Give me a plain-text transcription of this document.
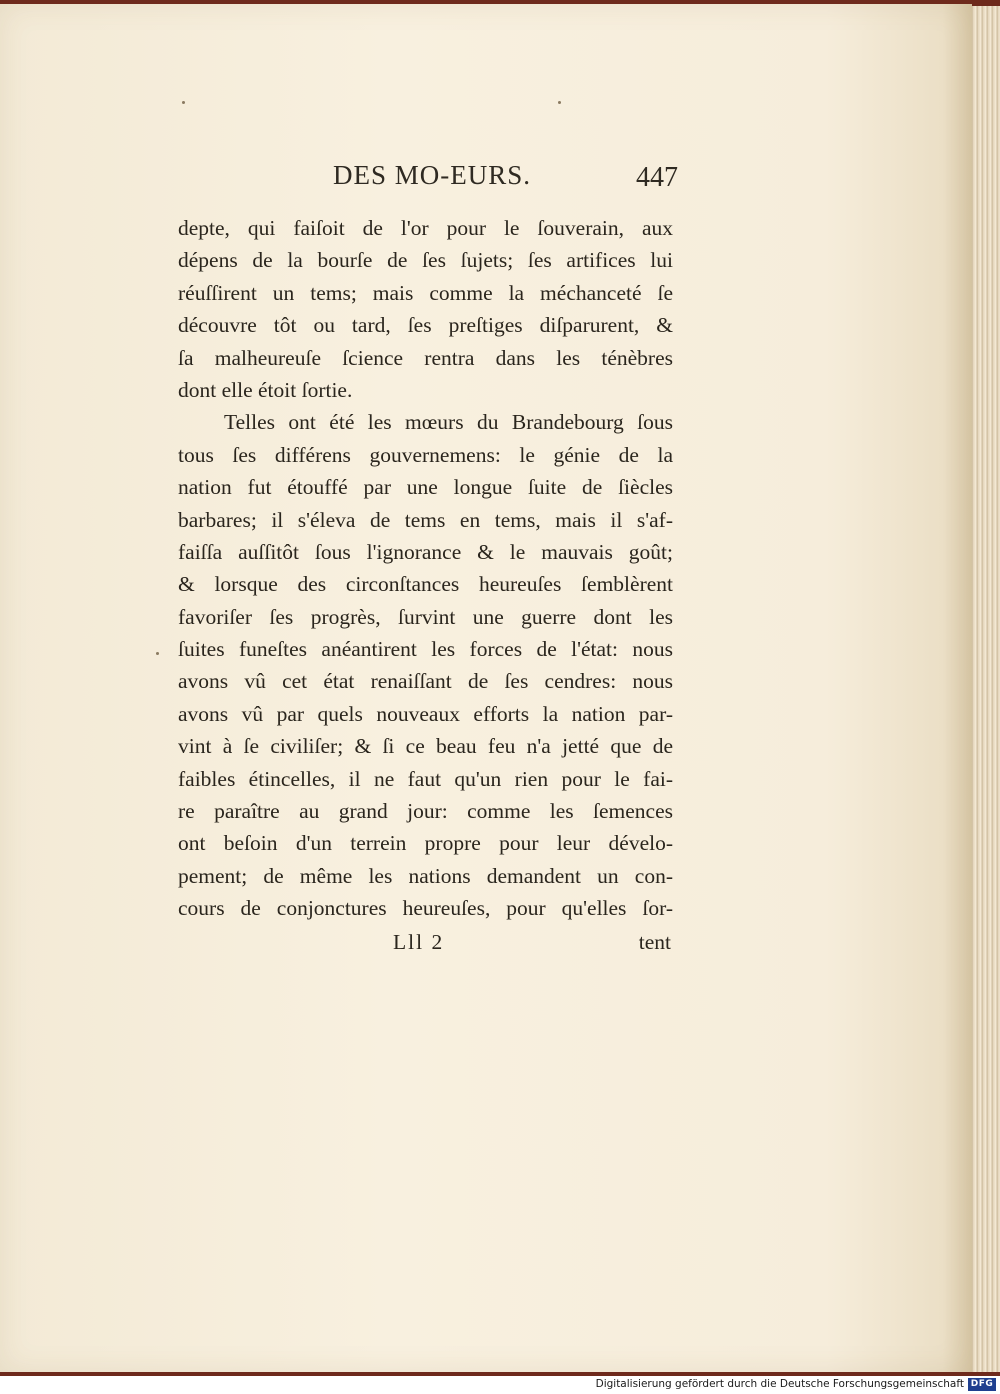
DES MO-EURS.	447
depte, qui faiſoit de l'or pour le ſouverain, aux
dépens de la bourſe de ſes ſujets; ſes artifices lui
réuſſirent un tems; mais comme la méchanceté ſe
découvre tôt ou tard, ſes preſtiges diſparurent, &
ſa malheureuſe ſcience rentra dans les ténèbres
dont elle étoit ſortie.
Telles ont été les mœurs du Brandebourg ſous
tous ſes différens gouvernemens: le génie de la
nation fut étouffé par une longue ſuite de ſiècles
barbares; il s'éleva de tems en tems, mais il s'af-
faiſſa auſſitôt ſous l'ignorance & le mauvais goût;
& lorsque des circonſtances heureuſes ſemblèrent
favoriſer ſes progrès, ſurvint une guerre dont les
ſuites funeſtes anéantirent les forces de l'état: nous
avons vû cet état renaiſſant de ſes cendres: nous
avons vû par quels nouveaux efforts la nation par-
vint à ſe civiliſer; & ſi ce beau feu n'a jetté que de
faibles étincelles, il ne faut qu'un rien pour le fai-
re paraître au grand jour: comme les ſemences
ont beſoin d'un terrein propre pour leur dévelo-
pement; de même les nations demandent un con-
cours de conjonctures heureuſes, pour qu'elles ſor-
Lll 2	tent
Digitalisierung gefördert durch die Deutsche Forschungsgemeinschaft DFG
